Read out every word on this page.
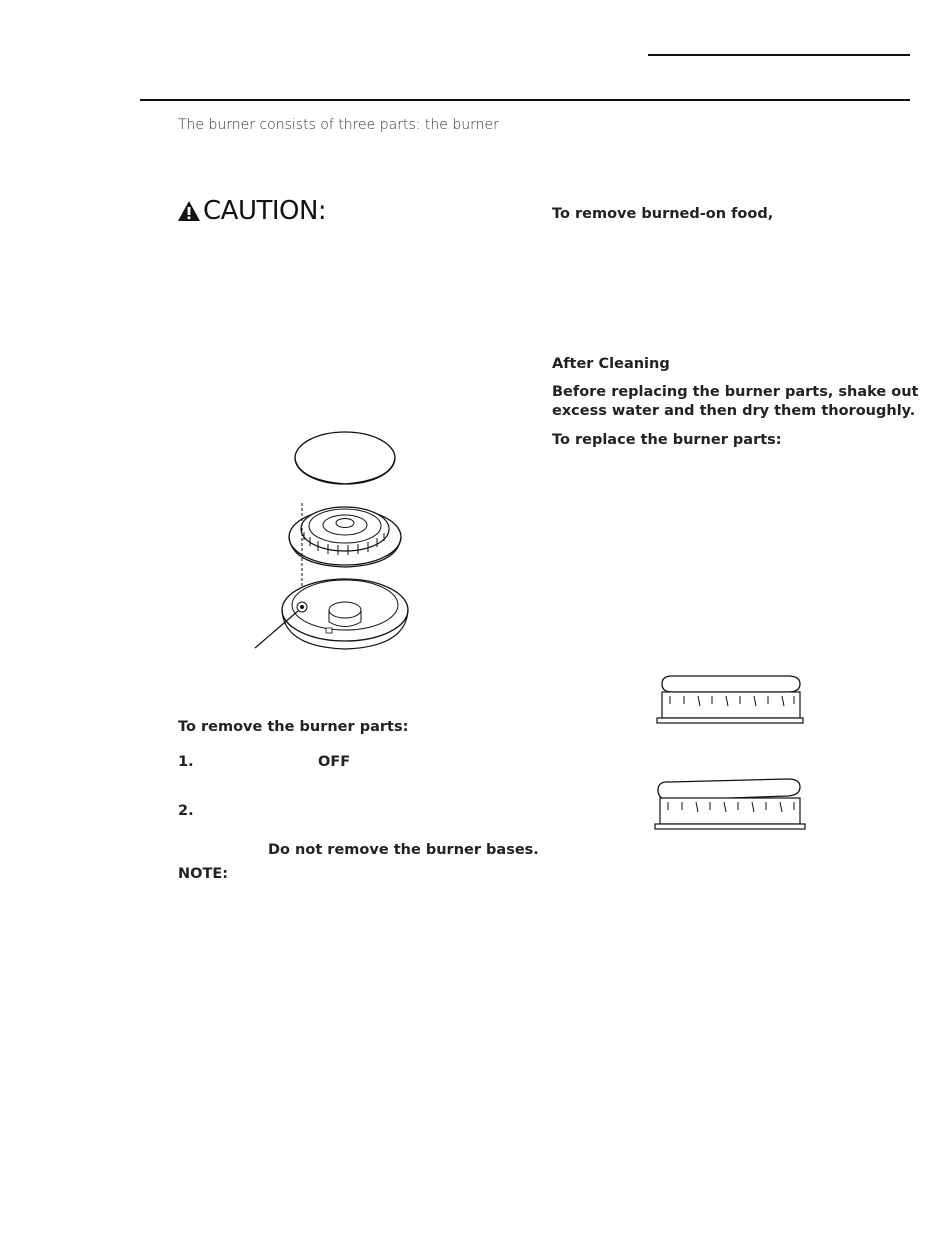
The burner consists of three parts: the burner
CAUTION:
To remove the burner parts:
1.	OFF
2.
Do not remove the burner bases.
NOTE:
To remove burned-on food,
After Cleaning
Before replacing the burner parts, shake out
excess water and then dry them thoroughly.
To replace the burner parts:
